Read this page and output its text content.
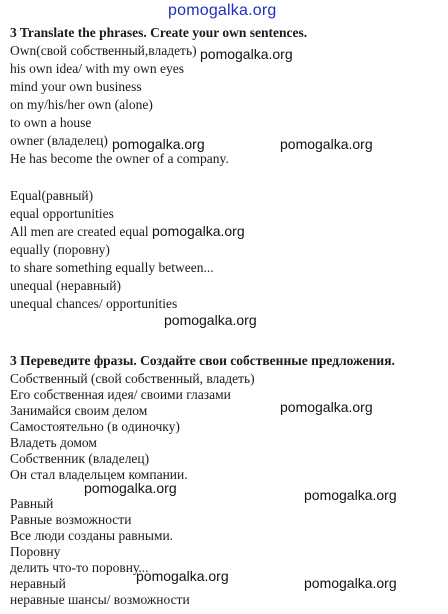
pomogalka.org
3 Translate the phrases. Create your own sentences.
Own(свой собственный,владеть)
his own idea/ with my own eyes
mind your own business
on my/his/her own (alone)
to own a house
owner (владелец)
He has become the owner of a company.
Equal(равный)
equal opportunities
All men are created equal
equally (поровну)
to share something equally between...
unequal (неравный)
unequal chances/ opportunities
3 Переведите фразы. Создайте свои собственные предложения.
Собственный (свой собственный, владеть)
Его собственная идея/ своими глазами
Занимайся своим делом
Самостоятельно (в одиночку)
Владеть домом
Собственник (владелец)
Он стал владельцем компании.
Равный
Равные возможности
Все люди созданы равными.
Поровну
делить что-то поровну...
неравный
неравные шансы/ возможности
pomogalka.org
pomogalka.org	pomogalka.org
pomogalka.org
pomogalka.org
pomogalka.org
pomogalka.org	pomogalka.org
pomogalka.org	pomogalka.org
